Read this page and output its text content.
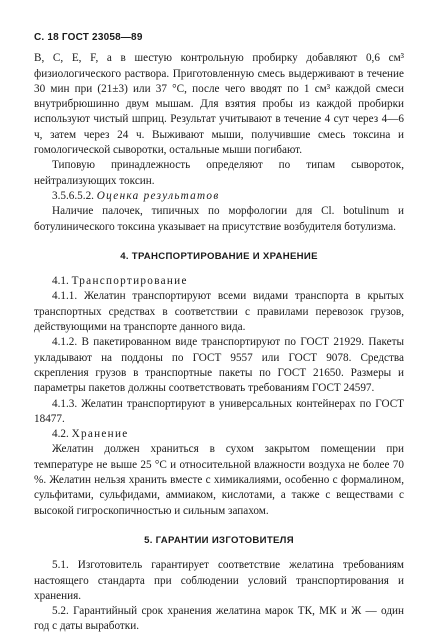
С. 18 ГОСТ 23058—89

В, С, Е, F, а в шестую контрольную пробирку добавляют 0,6 см³ физиологического раствора. Приготовленную смесь выдерживают в течение 30 мин при (21±3) или 37 °С, после чего вводят по 1 см³ каждой смеси внутрибрюшинно двум мышам. Для взятия пробы из каждой пробирки используют чистый шприц. Результат учитывают в течение 4 сут через 4—6 ч, затем через 24 ч. Выживают мыши, получившие смесь токсина и гомологической сыворотки, остальные мыши погибают.

Типовую принадлежность определяют по типам сывороток, нейтрализующих токсин.

3.5.6.5.2. Оценка результатов

Наличие палочек, типичных по морфологии для Cl. botulinum и ботулинического токсина указывает на присутствие возбудителя ботулизма.

4. ТРАНСПОРТИРОВАНИЕ И ХРАНЕНИЕ

4.1. Транспортирование

4.1.1. Желатин транспортируют всеми видами транспорта в крытых транспортных средствах в соответствии с правилами перевозок грузов, действующими на транспорте данного вида.

4.1.2. В пакетированном виде транспортируют по ГОСТ 21929. Пакеты укладывают на поддоны по ГОСТ 9557 или ГОСТ 9078. Средства скрепления грузов в транспортные пакеты по ГОСТ 21650. Размеры и параметры пакетов должны соответствовать требованиям ГОСТ 24597.

4.1.3. Желатин транспортируют в универсальных контейнерах по ГОСТ 18477.

4.2. Хранение

Желатин должен храниться в сухом закрытом помещении при температуре не выше 25 °С и относительной влажности воздуха не более 70 %. Желатин нельзя хранить вместе с химикалиями, особенно с формалином, сульфитами, сульфидами, аммиаком, кислотами, а также с веществами с высокой гигроскопичностью и сильным запахом.

5. ГАРАНТИИ ИЗГОТОВИТЕЛЯ

5.1. Изготовитель гарантирует соответствие желатина требованиям настоящего стандарта при соблюдении условий транспортирования и хранения.

5.2. Гарантийный срок хранения желатина марок ТК, МК и Ж — один год с даты выработки.
